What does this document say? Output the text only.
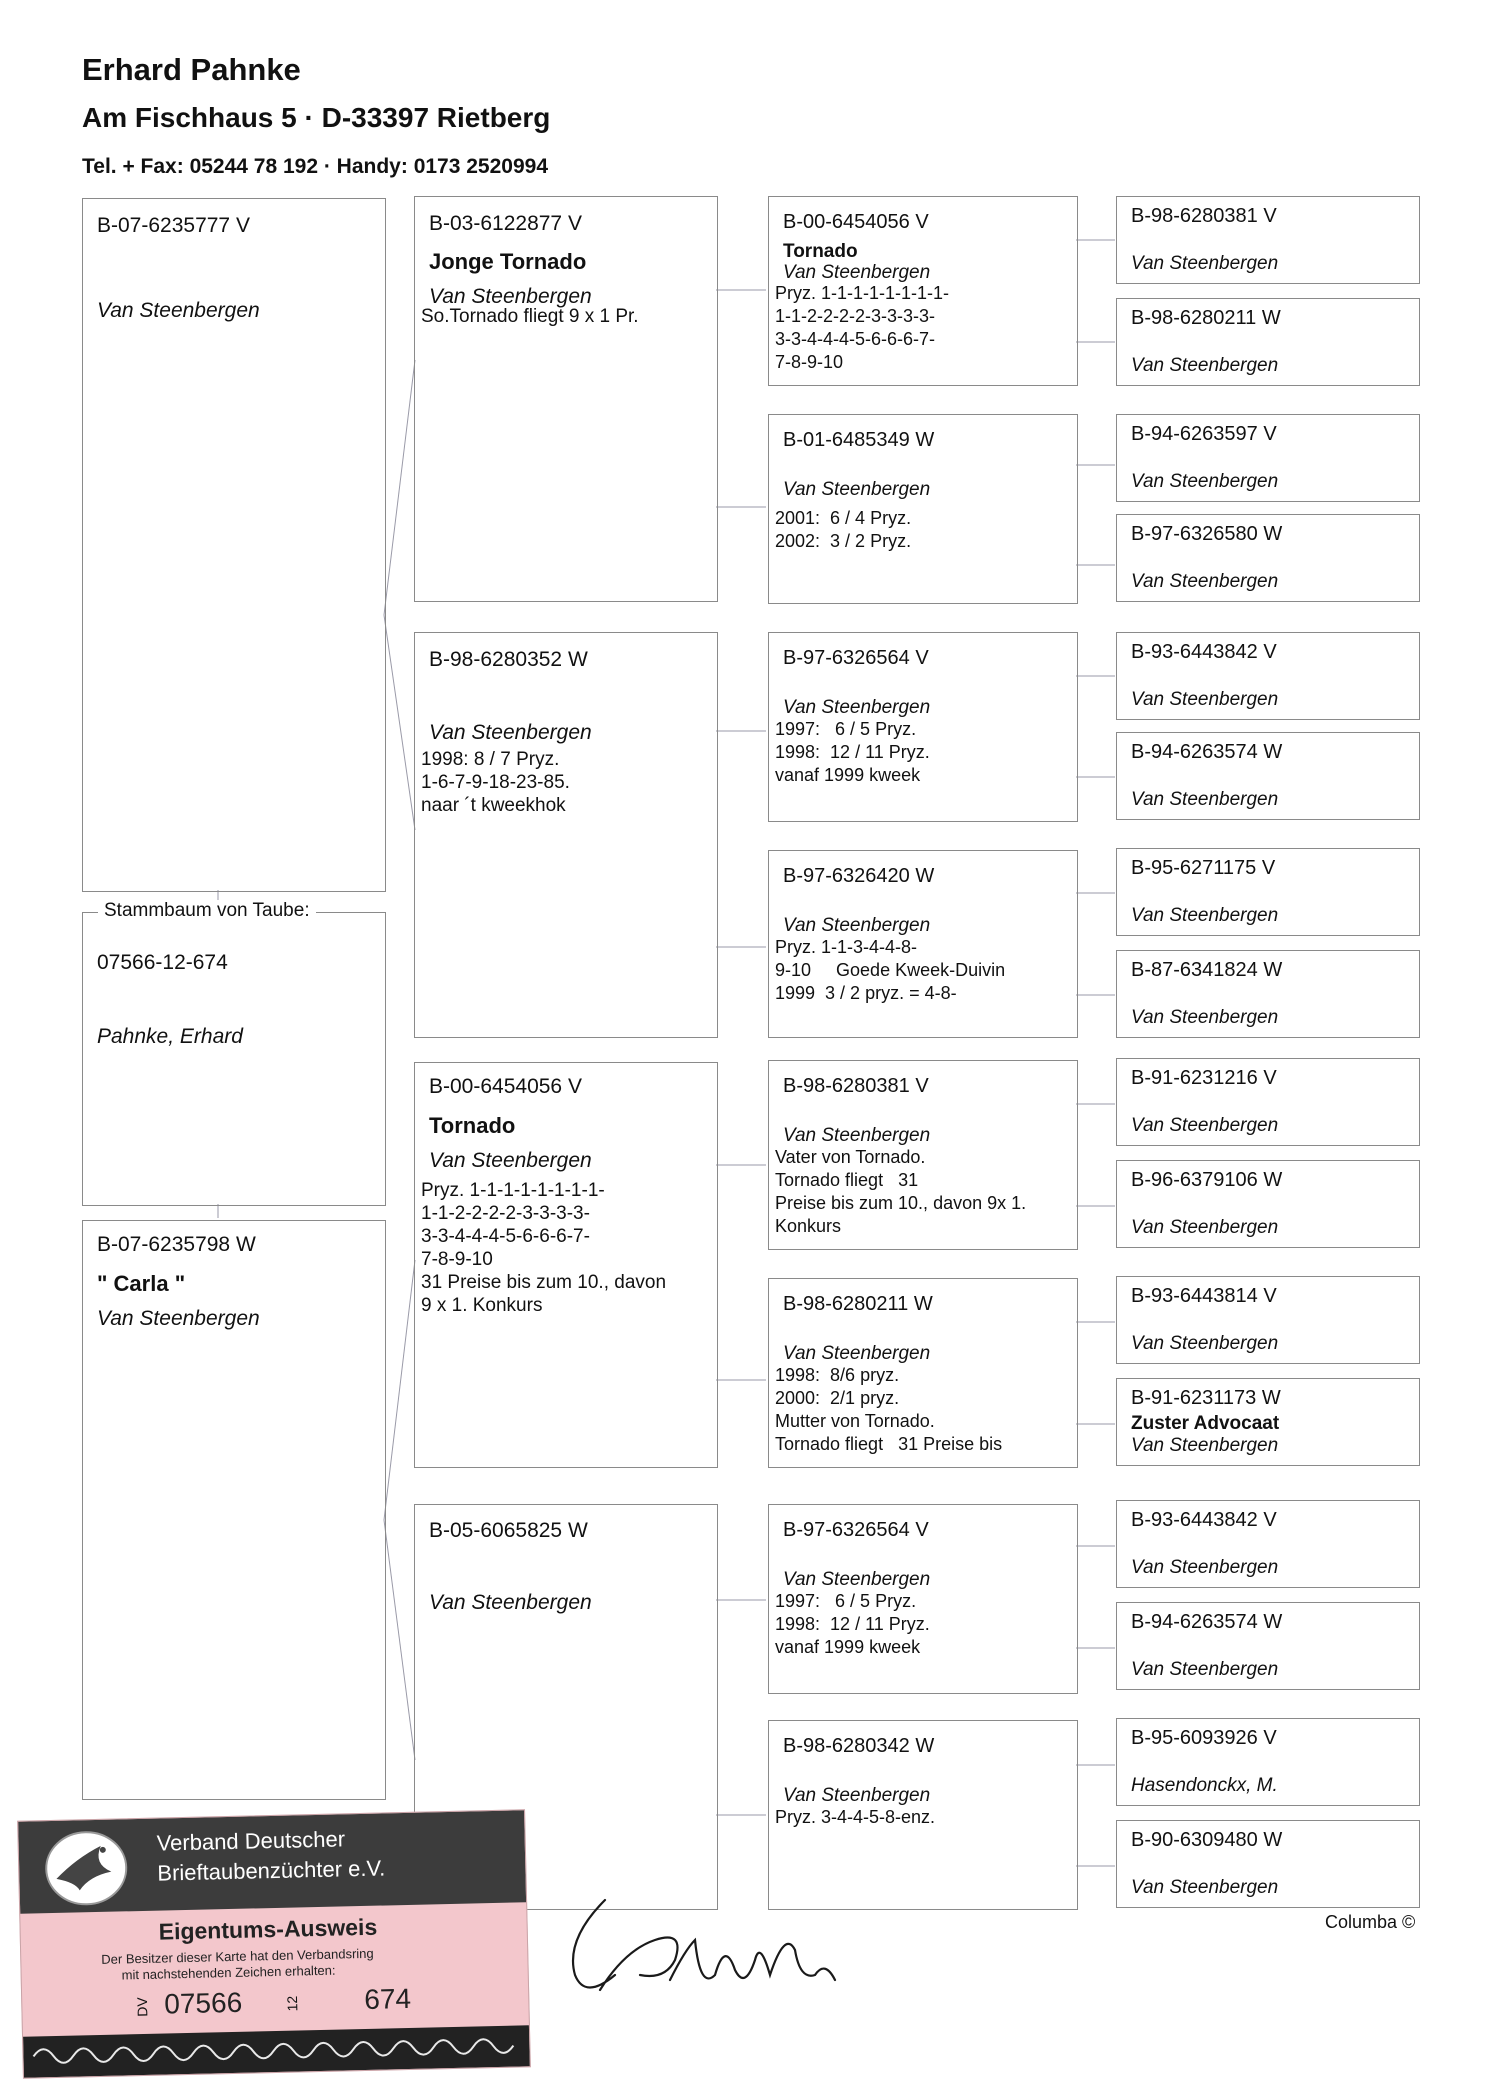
Erhard Pahnke
Am Fischhaus 5 · D-33397 Rietberg
Tel. + Fax: 05244 78 192 · Handy: 0173 2520994
B-07-6235777 V
Van Steenbergen
07566-12-674
Pahnke, Erhard
Stammbaum von Taube:
B-07-6235798 W
" Carla "
Van Steenbergen
B-03-6122877 V
Jonge Tornado
Van Steenbergen
So.Tornado fliegt 9 x 1 Pr.
B-98-6280352 W
Van Steenbergen
1998: 8 / 7 Pryz.
1-6-7-9-18-23-85.
naar ´t kweekhok
B-00-6454056 V
Tornado
Van Steenbergen
Pryz. 1-1-1-1-1-1-1-1-
1-1-2-2-2-2-3-3-3-3-
3-3-4-4-4-5-6-6-6-7-
7-8-9-10
31 Preise bis zum 10., davon
9 x 1. Konkurs
B-05-6065825 W
Van Steenbergen
B-00-6454056 V
Tornado
Van Steenbergen
Pryz. 1-1-1-1-1-1-1-1-
1-1-2-2-2-2-3-3-3-3-
3-3-4-4-4-5-6-6-6-7-
7-8-9-10
B-01-6485349 W
Van Steenbergen
2001:  6 / 4 Pryz.
2002:  3 / 2 Pryz.
B-97-6326564 V
Van Steenbergen
1997:   6 / 5 Pryz.
1998:  12 / 11 Pryz.
vanaf 1999 kweek
B-97-6326420 W
Van Steenbergen
Pryz. 1-1-3-4-4-8-
9-10     Goede Kweek-Duivin
1999  3 / 2 pryz. = 4-8-
B-98-6280381 V
Van Steenbergen
Vater von Tornado.
Tornado fliegt   31
Preise bis zum 10., davon 9x 1.
Konkurs
B-98-6280211 W
Van Steenbergen
1998:  8/6 pryz.
2000:  2/1 pryz.
Mutter von Tornado.
Tornado fliegt   31 Preise bis
B-97-6326564 V
Van Steenbergen
1997:   6 / 5 Pryz.
1998:  12 / 11 Pryz.
vanaf 1999 kweek
B-98-6280342 W
Van Steenbergen
Pryz. 3-4-4-5-8-enz.
B-98-6280381 V
Van Steenbergen
B-98-6280211 W
Van Steenbergen
B-94-6263597 V
Van Steenbergen
B-97-6326580 W
Van Steenbergen
B-93-6443842 V
Van Steenbergen
B-94-6263574 W
Van Steenbergen
B-95-6271175 V
Van Steenbergen
B-87-6341824 W
Van Steenbergen
B-91-6231216 V
Van Steenbergen
B-96-6379106 W
Van Steenbergen
B-93-6443814 V
Van Steenbergen
B-91-6231173 W
Zuster Advocaat
Van Steenbergen
B-93-6443842 V
Van Steenbergen
B-94-6263574 W
Van Steenbergen
B-95-6093926 V
Hasendonckx, M.
B-90-6309480 W
Van Steenbergen
Columba ©
Verband Deutscher
Brieftaubenzüchter e.V.
Eigentums-Ausweis
Der Besitzer dieser Karte hat den Verbandsring
mit nachstehenden Zeichen erhalten:
DV 07566	12 674
